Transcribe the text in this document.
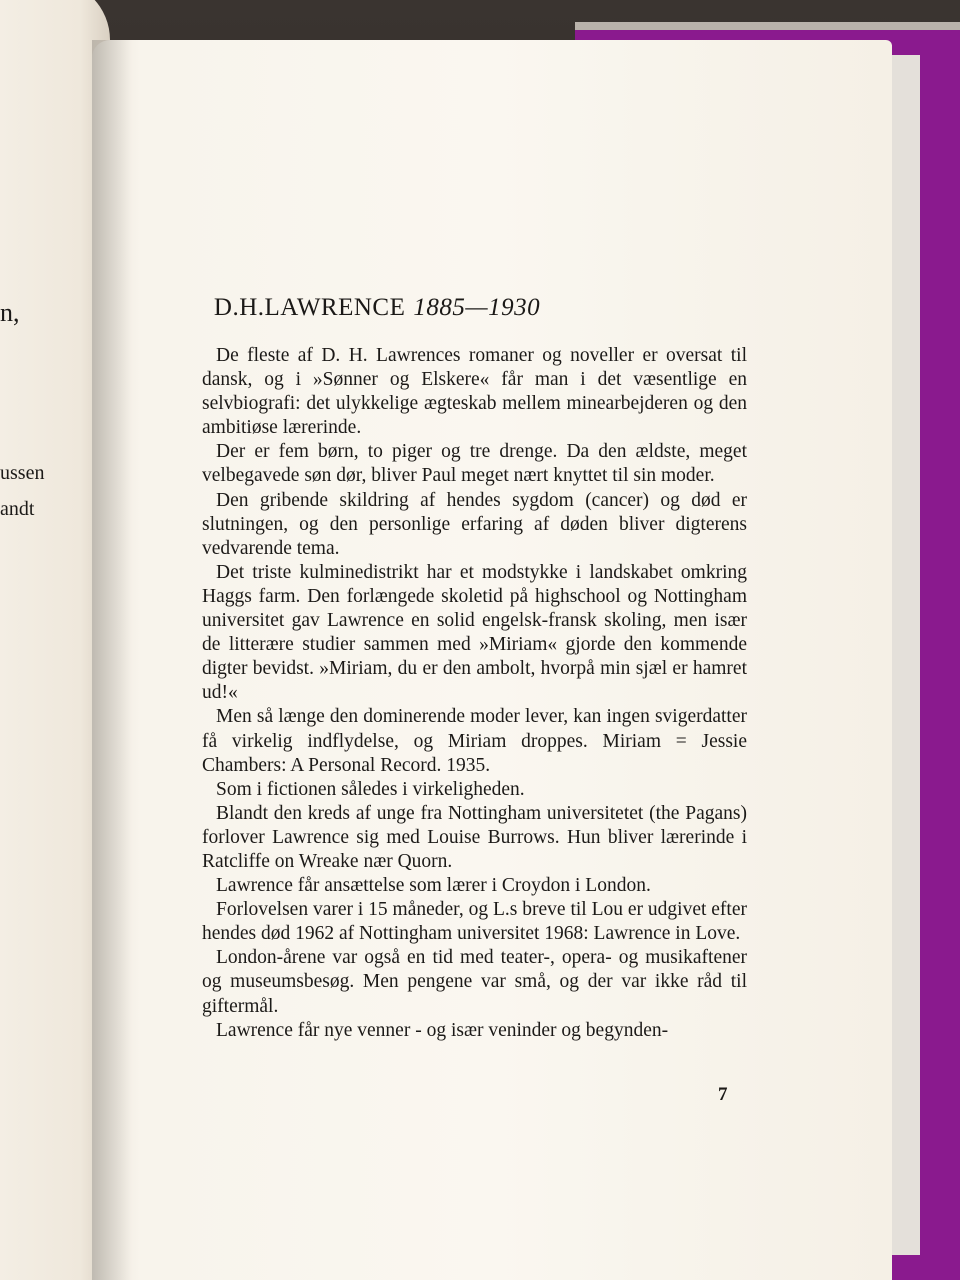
n,
ussen
andt
D.H.LAWRENCE 1885—1930

De fleste af D. H. Lawrences romaner og noveller er oversat til dansk, og i »Sønner og Elskere« får man i det væsentlige en selvbiografi: det ulykkelige ægteskab mellem minearbejderen og den ambitiøse lærerinde.

Der er fem børn, to piger og tre drenge. Da den ældste, meget velbegavede søn dør, bliver Paul meget nært knyttet til sin moder.

Den gribende skildring af hendes sygdom (cancer) og død er slutningen, og den personlige erfaring af døden bliver digterens vedvarende tema.

Det triste kulminedistrikt har et modstykke i landskabet omkring Haggs farm. Den forlængede skoletid på highschool og Nottingham universitet gav Lawrence en solid engelsk-fransk skoling, men især de litterære studier sammen med »Miriam« gjorde den kommende digter bevidst. »Miriam, du er den ambolt, hvorpå min sjæl er hamret ud!«

Men så længe den dominerende moder lever, kan ingen svigerdatter få virkelig indflydelse, og Miriam droppes. Miriam = Jessie Chambers: A Personal Record. 1935.

Som i fictionen således i virkeligheden.

Blandt den kreds af unge fra Nottingham universitetet (the Pagans) forlover Lawrence sig med Louise Burrows. Hun bliver lærerinde i Ratcliffe on Wreake nær Quorn.

Lawrence får ansættelse som lærer i Croydon i London.

Forlovelsen varer i 15 måneder, og L.s breve til Lou er udgivet efter hendes død 1962 af Nottingham universitet 1968: Lawrence in Love.

London-årene var også en tid med teater-, opera- og musikaftener og museumsbesøg. Men pengene var små, og der var ikke råd til giftermål.

Lawrence får nye venner - og især veninder og begynden-

7
